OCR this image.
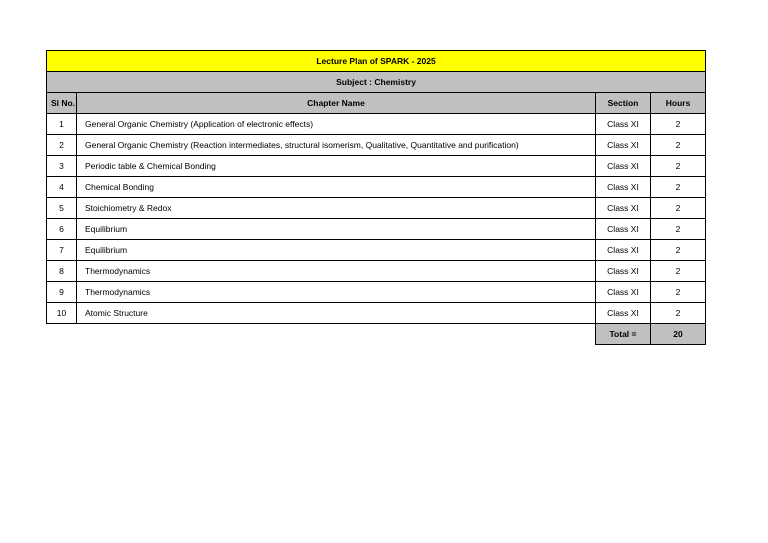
Lecture Plan of SPARK - 2025			
Subject : Chemistry			
Sl No.	Chapter Name	Section	Hours
1	General Organic Chemistry (Application of electronic effects)	Class XI	2
2	General Organic Chemistry (Reaction intermediates, structural isomerism, Qualitative, Quantitative and purification)	Class XI	2
3	Periodic table & Chemical Bonding	Class XI	2
4	Chemical Bonding	Class XI	2
5	Stoichiometry & Redox	Class XI	2
6	Equilibrium	Class XI	2
7	Equilibrium	Class XI	2
8	Thermodynamics	Class XI	2
9	Thermodynamics	Class XI	2
10	Atomic Structure	Class XI	2
		Total =	20
